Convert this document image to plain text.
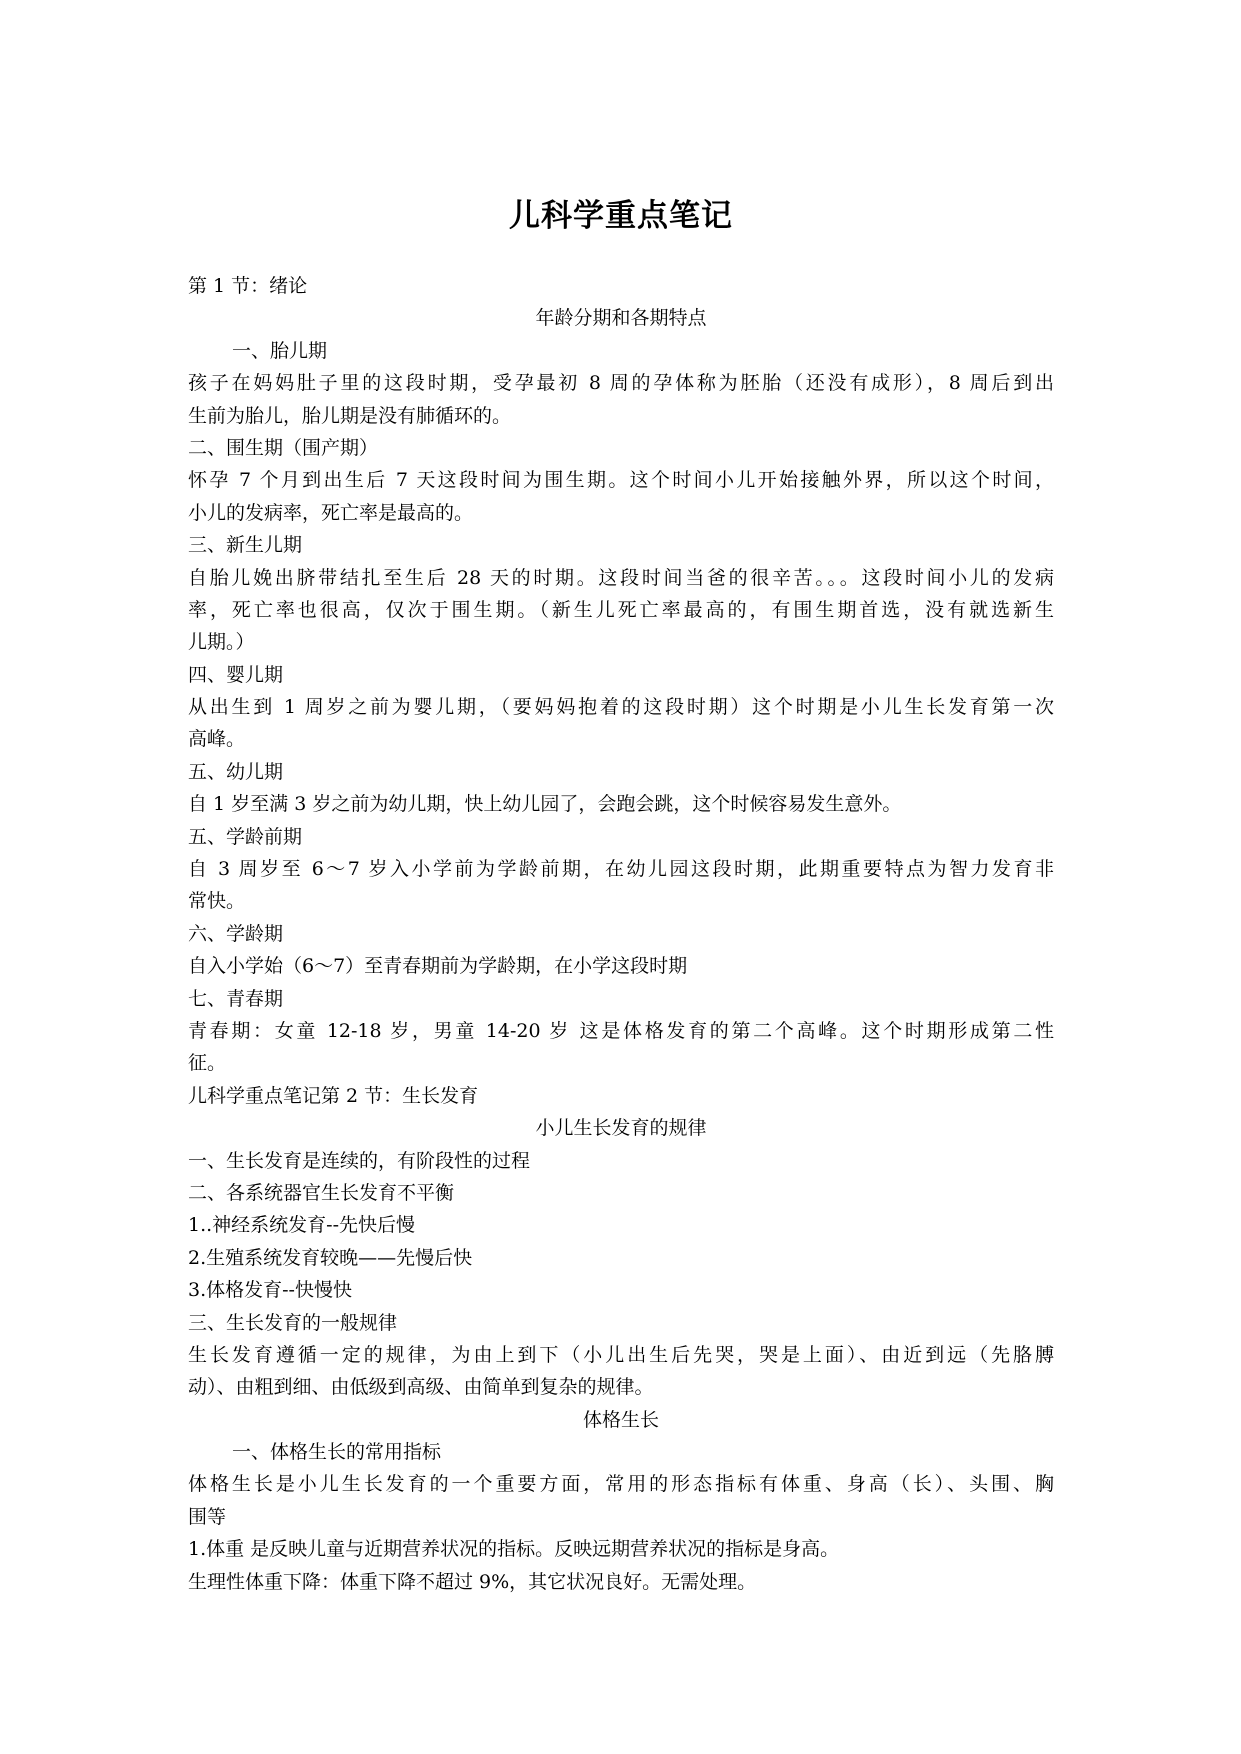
儿科学重点笔记
第 1 节：绪论
年龄分期和各期特点
一、胎儿期
孩子在妈妈肚子里的这段时期，受孕最初 8 周的孕体称为胚胎（还没有成形），8 周后到出
生前为胎儿，胎儿期是没有肺循环的。
二、围生期（围产期）
怀孕 7 个月到出生后 7 天这段时间为围生期。这个时间小儿开始接触外界，所以这个时间，
小儿的发病率，死亡率是最高的。
三、新生儿期
自胎儿娩出脐带结扎至生后 28 天的时期。这段时间当爸的很辛苦。。。这段时间小儿的发病
率，死亡率也很高，仅次于围生期。（新生儿死亡率最高的，有围生期首选，没有就选新生
儿期。）
四、婴儿期
从出生到 1 周岁之前为婴儿期，（要妈妈抱着的这段时期）这个时期是小儿生长发育第一次
高峰。
五、幼儿期
自 1 岁至满 3 岁之前为幼儿期，快上幼儿园了，会跑会跳，这个时候容易发生意外。
五、学龄前期
自 3 周岁至 6～7 岁入小学前为学龄前期，在幼儿园这段时期，此期重要特点为智力发育非
常快。
六、学龄期
自入小学始（6～7）至青春期前为学龄期，在小学这段时期
七、青春期
青春期：女童 12-18 岁，男童 14-20 岁 这是体格发育的第二个高峰。这个时期形成第二性
征。
儿科学重点笔记第 2 节：生长发育
小儿生长发育的规律
一、生长发育是连续的，有阶段性的过程
二、各系统器官生长发育不平衡
1..神经系统发育--先快后慢
2.生殖系统发育较晚——先慢后快
3.体格发育--快慢快
三、生长发育的一般规律
生长发育遵循一定的规律，为由上到下（小儿出生后先哭，哭是上面）、由近到远（先胳膊
动）、由粗到细、由低级到高级、由简单到复杂的规律。
体格生长
一、体格生长的常用指标
体格生长是小儿生长发育的一个重要方面，常用的形态指标有体重、身高（长）、头围、胸
围等
1.体重 是反映儿童与近期营养状况的指标。反映远期营养状况的指标是身高。
生理性体重下降：体重下降不超过 9%，其它状况良好。无需处理。
